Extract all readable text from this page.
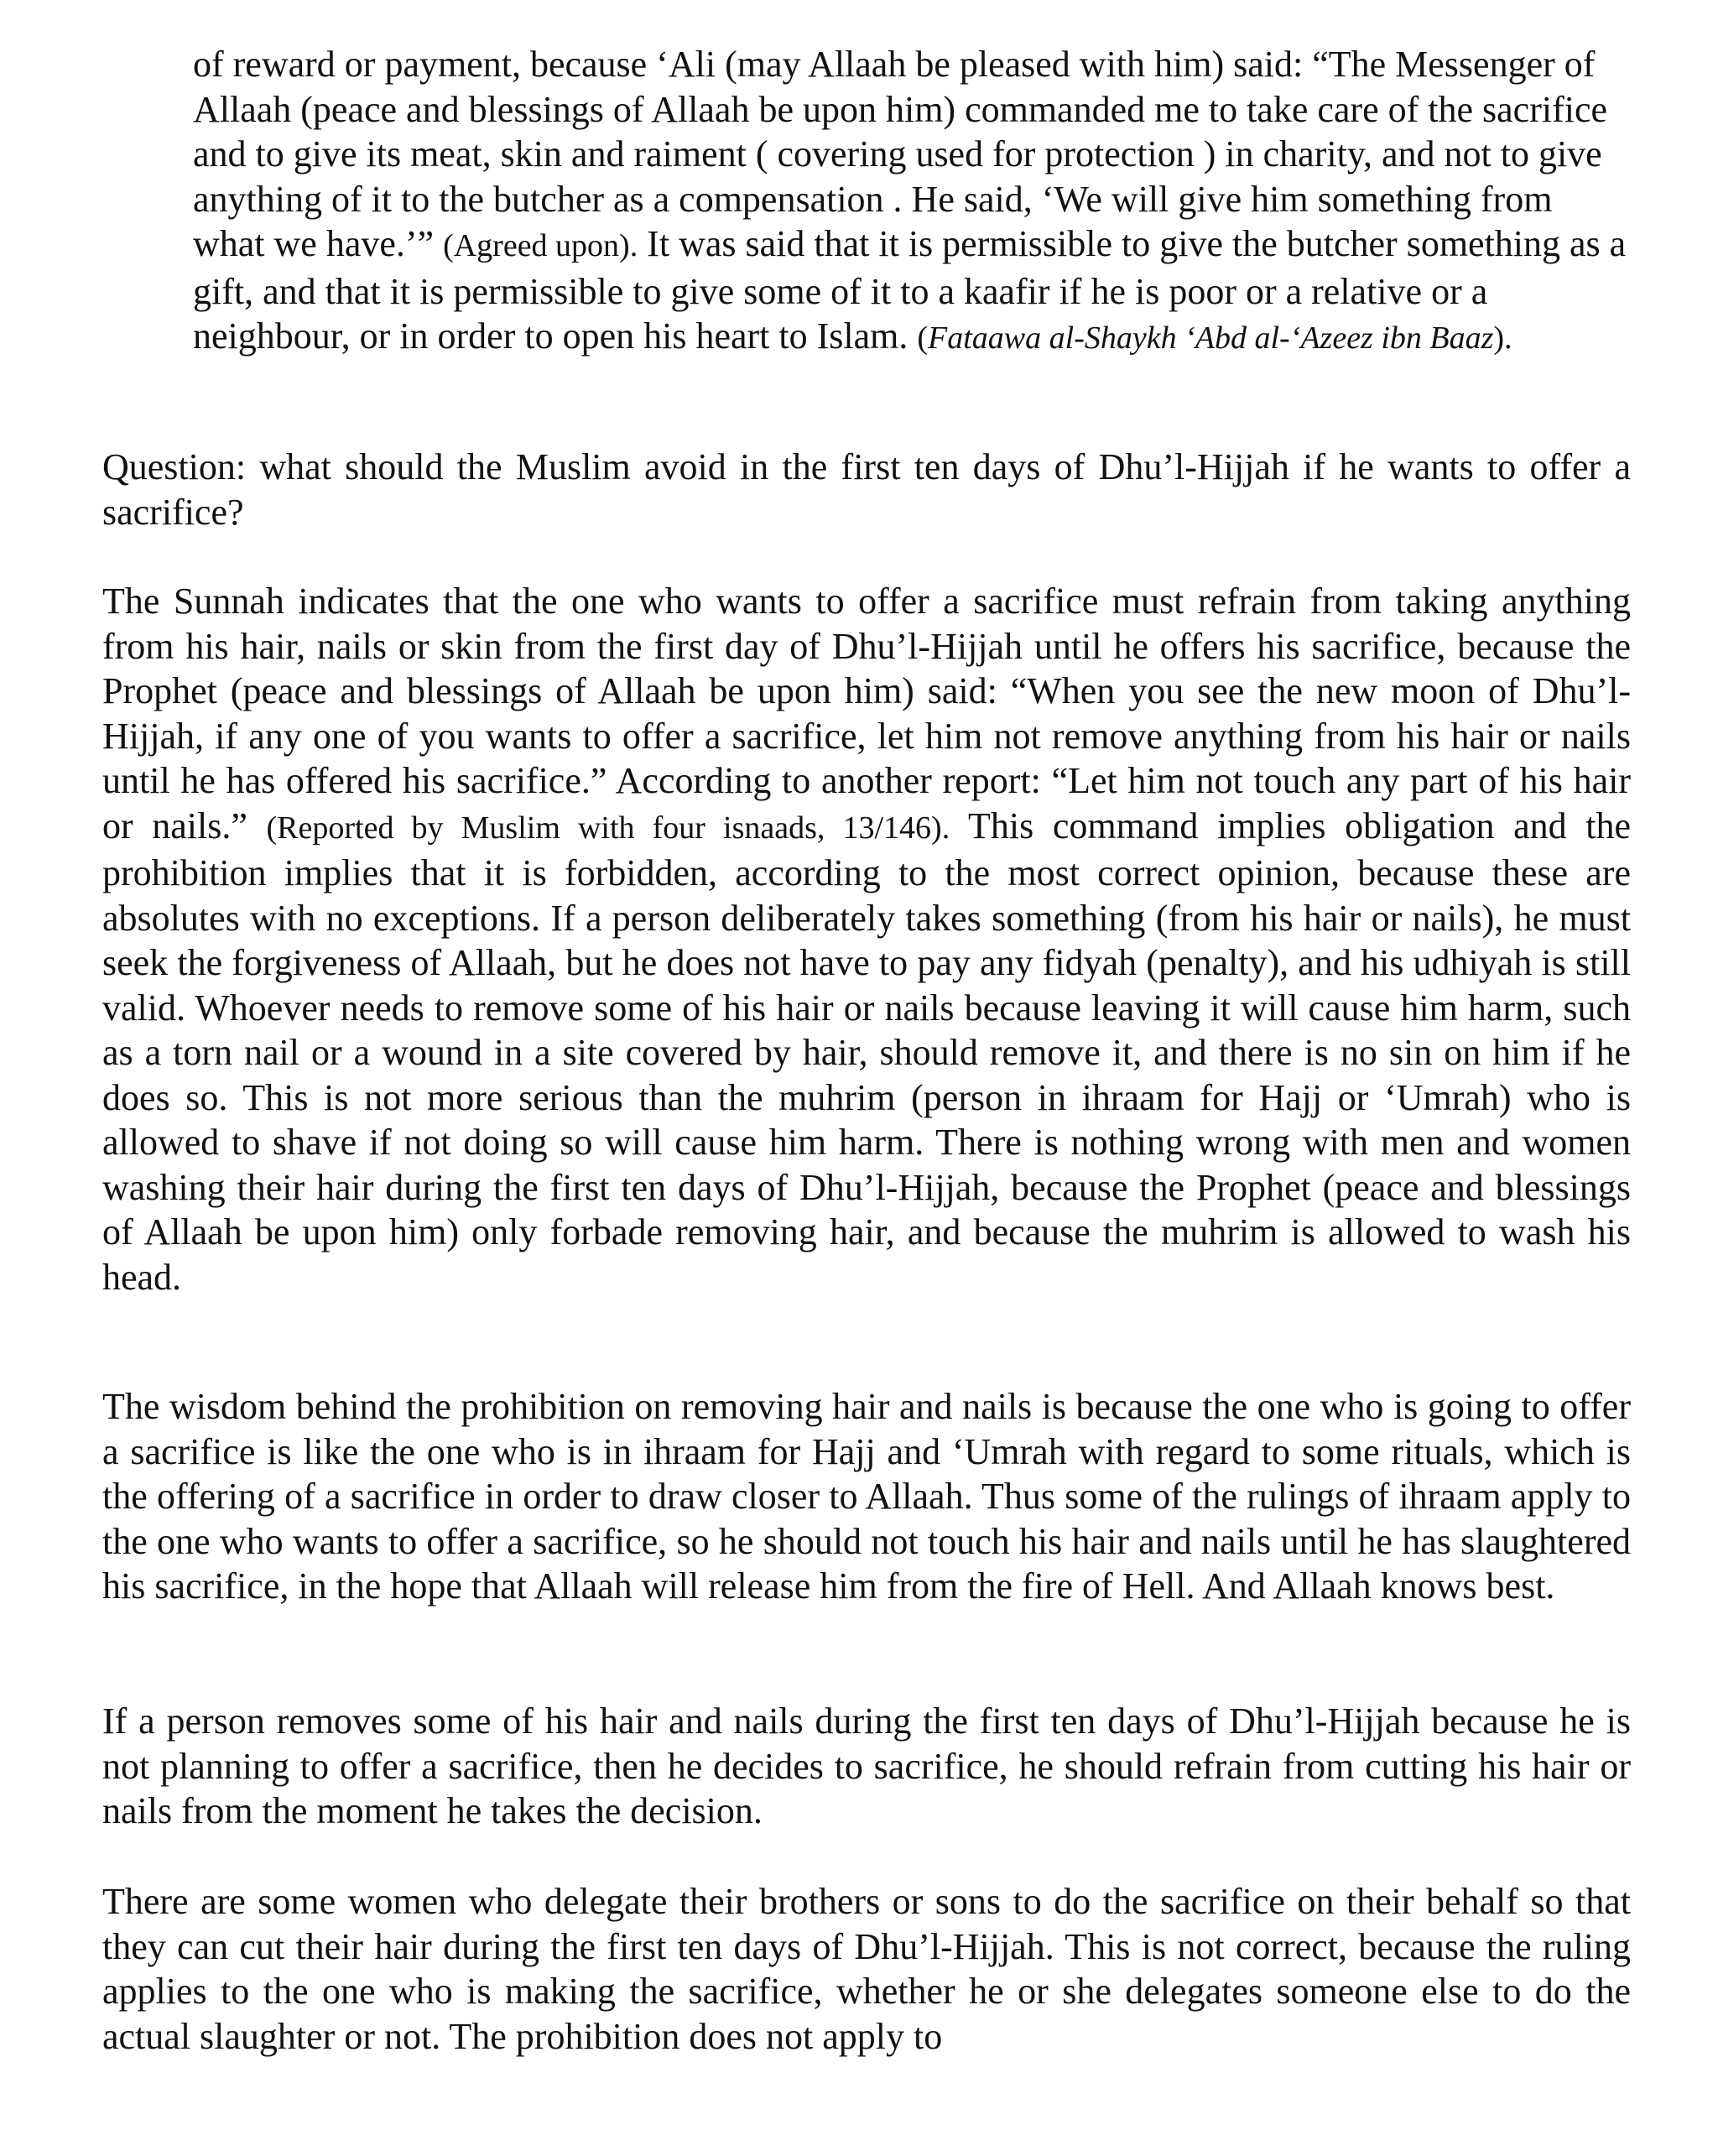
of reward or payment, because ‘Ali (may Allaah be pleased with him) said: “The Messenger of Allaah (peace and blessings of Allaah be upon him) commanded me to take care of the sacrifice and to give its meat, skin and raiment ( covering used for protection ) in charity, and not to give anything of it to the butcher as a compensation . He said, ‘We will give him something from what we have.’” (Agreed upon). It was said that it is permissible to give the butcher something as a gift, and that it is permissible to give some of it to a kaafir if he is poor or a relative or a neighbour, or in order to open his heart to Islam. (Fataawa al-Shaykh ‘Abd al-‘Azeez ibn Baaz).

Question: what should the Muslim avoid in the first ten days of Dhu’l-Hijjah if he wants to offer a sacrifice?

The Sunnah indicates that the one who wants to offer a sacrifice must refrain from taking anything from his hair, nails or skin from the first day of Dhu’l-Hijjah until he offers his sacrifice, because the Prophet (peace and blessings of Allaah be upon him) said: “When you see the new moon of Dhu’l-Hijjah, if any one of you wants to offer a sacrifice, let him not remove anything from his hair or nails until he has offered his sacrifice.” According to another report: “Let him not touch any part of his hair or nails.” (Reported by Muslim with four isnaads, 13/146). This command implies obligation and the prohibition implies that it is forbidden, according to the most correct opinion, because these are absolutes with no exceptions. If a person deliberately takes something (from his hair or nails), he must seek the forgiveness of Allaah, but he does not have to pay any fidyah (penalty), and his udhiyah is still valid. Whoever needs to remove some of his hair or nails because leaving it will cause him harm, such as a torn nail or a wound in a site covered by hair, should remove it, and there is no sin on him if he does so. This is not more serious than the muhrim (person in ihraam for Hajj or ‘Umrah) who is allowed to shave if not doing so will cause him harm. There is nothing wrong with men and women washing their hair during the first ten days of Dhu’l-Hijjah, because the Prophet (peace and blessings of Allaah be upon him) only forbade removing hair, and because the muhrim is allowed to wash his head.

The wisdom behind the prohibition on removing hair and nails is because the one who is going to offer a sacrifice is like the one who is in ihraam for Hajj and ‘Umrah with regard to some rituals, which is the offering of a sacrifice in order to draw closer to Allaah. Thus some of the rulings of ihraam apply to the one who wants to offer a sacrifice, so he should not touch his hair and nails until he has slaughtered his sacrifice, in the hope that Allaah will release him from the fire of Hell. And Allaah knows best.

If a person removes some of his hair and nails during the first ten days of Dhu’l-Hijjah because he is not planning to offer a sacrifice, then he decides to sacrifice, he should refrain from cutting his hair or nails from the moment he takes the decision.

There are some women who delegate their brothers or sons to do the sacrifice on their behalf so that they can cut their hair during the first ten days of Dhu’l-Hijjah. This is not correct, because the ruling applies to the one who is making the sacrifice, whether he or she delegates someone else to do the actual slaughter or not. The prohibition does not apply to
